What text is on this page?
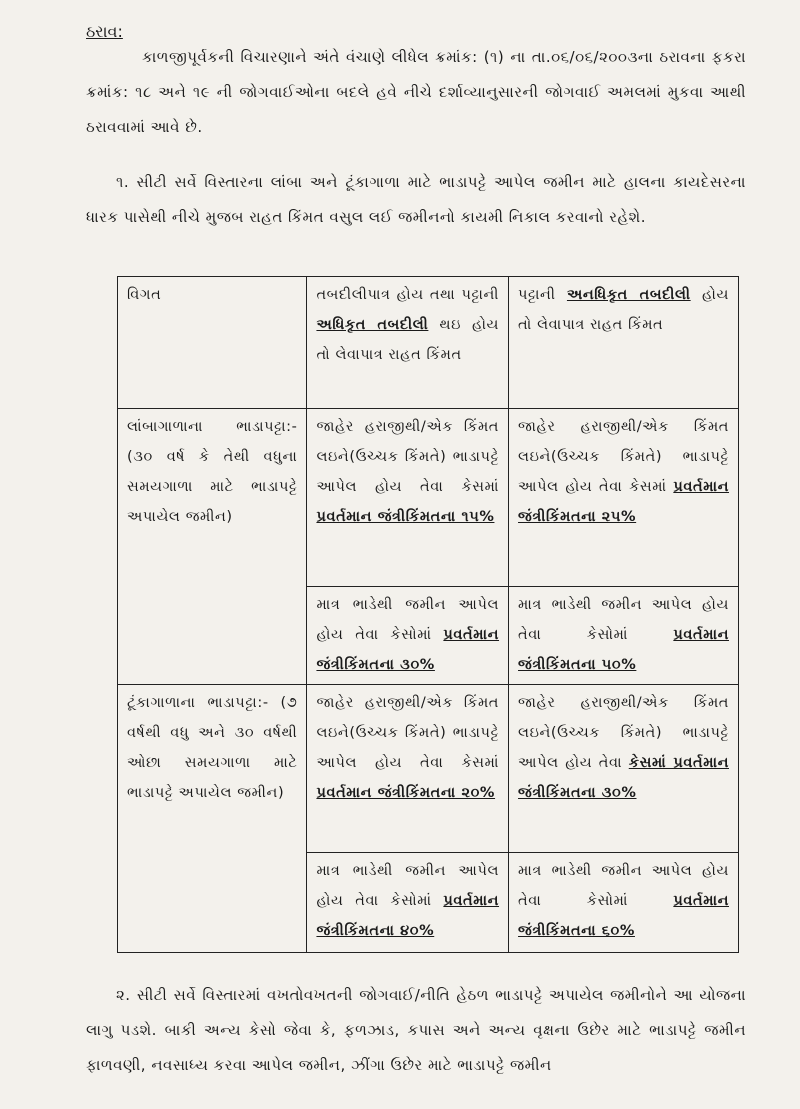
ઠરાવ:

કાળજીપૂર્વકની વિચારણાને અંતે વંચાણે લીધેલ ક્રમાંક: (૧) ના તા.૦૬/૦૬/૨૦૦૩ના ઠરાવના ફકરા ક્રમાંક: ૧૮ અને ૧૯ ની જોગવાઈઓના બદલે હવે નીચે દર્શાવ્યાનુસારની જોગવાઈ અમલમાં મુકવા આથી ઠરાવવામાં આવે છે.

૧. સીટી સર્વે વિસ્તારના લાંબા અને ટૂંકાગાળા માટે ભાડાપટ્ટે આપેલ જમીન માટે હાલના કાયદેસરના ધારક પાસેથી નીચે મુજબ રાહત કિંમત વસુલ લઈ જમીનનો કાયમી નિકાલ કરવાનો રહેશે.

વિગત	તબદીલીપાત્ર હોય તથા પટ્ટાની અધિકૃત તબદીલી થઇ હોય તો લેવાપાત્ર રાહત કિંમત	પટ્ટાની અનધિકૃત તબદીલી હોય તો લેવાપાત્ર રાહત કિંમત
લાંબાગાળાના ભાડાપટ્ટા:- (૩૦ વર્ષ કે તેથી વધુના સમયગાળા માટે ભાડાપટ્ટે અપાયેલ જમીન)	જાહેર હરાજીથી/એક કિંમત લઇને(ઉચ્ચક કિંમતે) ભાડાપટ્ટે આપેલ હોય તેવા કેસમાં પ્રવર્તમાન જંત્રીકિંમતના ૧૫%	જાહેર હરાજીથી/એક કિંમત લઇને(ઉચ્ચક કિંમતે) ભાડાપટ્ટે આપેલ હોય તેવા કેસમાં પ્રવર્તમાન જંત્રીકિંમતના ૨૫%
	માત્ર ભાડેથી જમીન આપેલ હોય તેવા કેસોમાં પ્રવર્તમાન જંત્રીકિંમતના ૩૦%	માત્ર ભાડેથી જમીન આપેલ હોય તેવા કેસોમાં પ્રવર્તમાન જંત્રીકિંમતના ૫૦%
ટૂંકાગાળાના ભાડાપટ્ટા:- (૭ વર્ષથી વધુ અને ૩૦ વર્ષથી ઓછા સમયગાળા માટે ભાડાપટ્ટે અપાયેલ જમીન)	જાહેર હરાજીથી/એક કિંમત લઇને(ઉચ્ચક કિંમતે) ભાડાપટ્ટે આપેલ હોય તેવા કેસમાં પ્રવર્તમાન જંત્રીકિંમતના ૨૦%	જાહેર હરાજીથી/એક કિંમત લઇને(ઉચ્ચક કિંમતે) ભાડાપટ્ટે આપેલ હોય તેવા કેસમાં પ્રવર્તમાન જંત્રીકિંમતના ૩૦%
	માત્ર ભાડેથી જમીન આપેલ હોય તેવા કેસોમાં પ્રવર્તમાન જંત્રીકિંમતના ૪૦%	માત્ર ભાડેથી જમીન આપેલ હોય તેવા કેસોમાં પ્રવર્તમાન જંત્રીકિંમતના ૬૦%

૨. સીટી સર્વે વિસ્તારમાં વખતોવખતની જોગવાઈ/નીતિ હેઠળ ભાડાપટ્ટે અપાયેલ જમીનોને આ યોજના લાગુ પડશે. બાકી અન્ય કેસો જેવા કે, ફળઝાડ, કપાસ અને અન્ય વૃક્ષના ઉછેર માટે ભાડાપટ્ટે જમીન ફાળવણી, નવસાધ્ય કરવા આપેલ જમીન, ઝીંગા ઉછેર માટે ભાડાપટ્ટે જમીન
